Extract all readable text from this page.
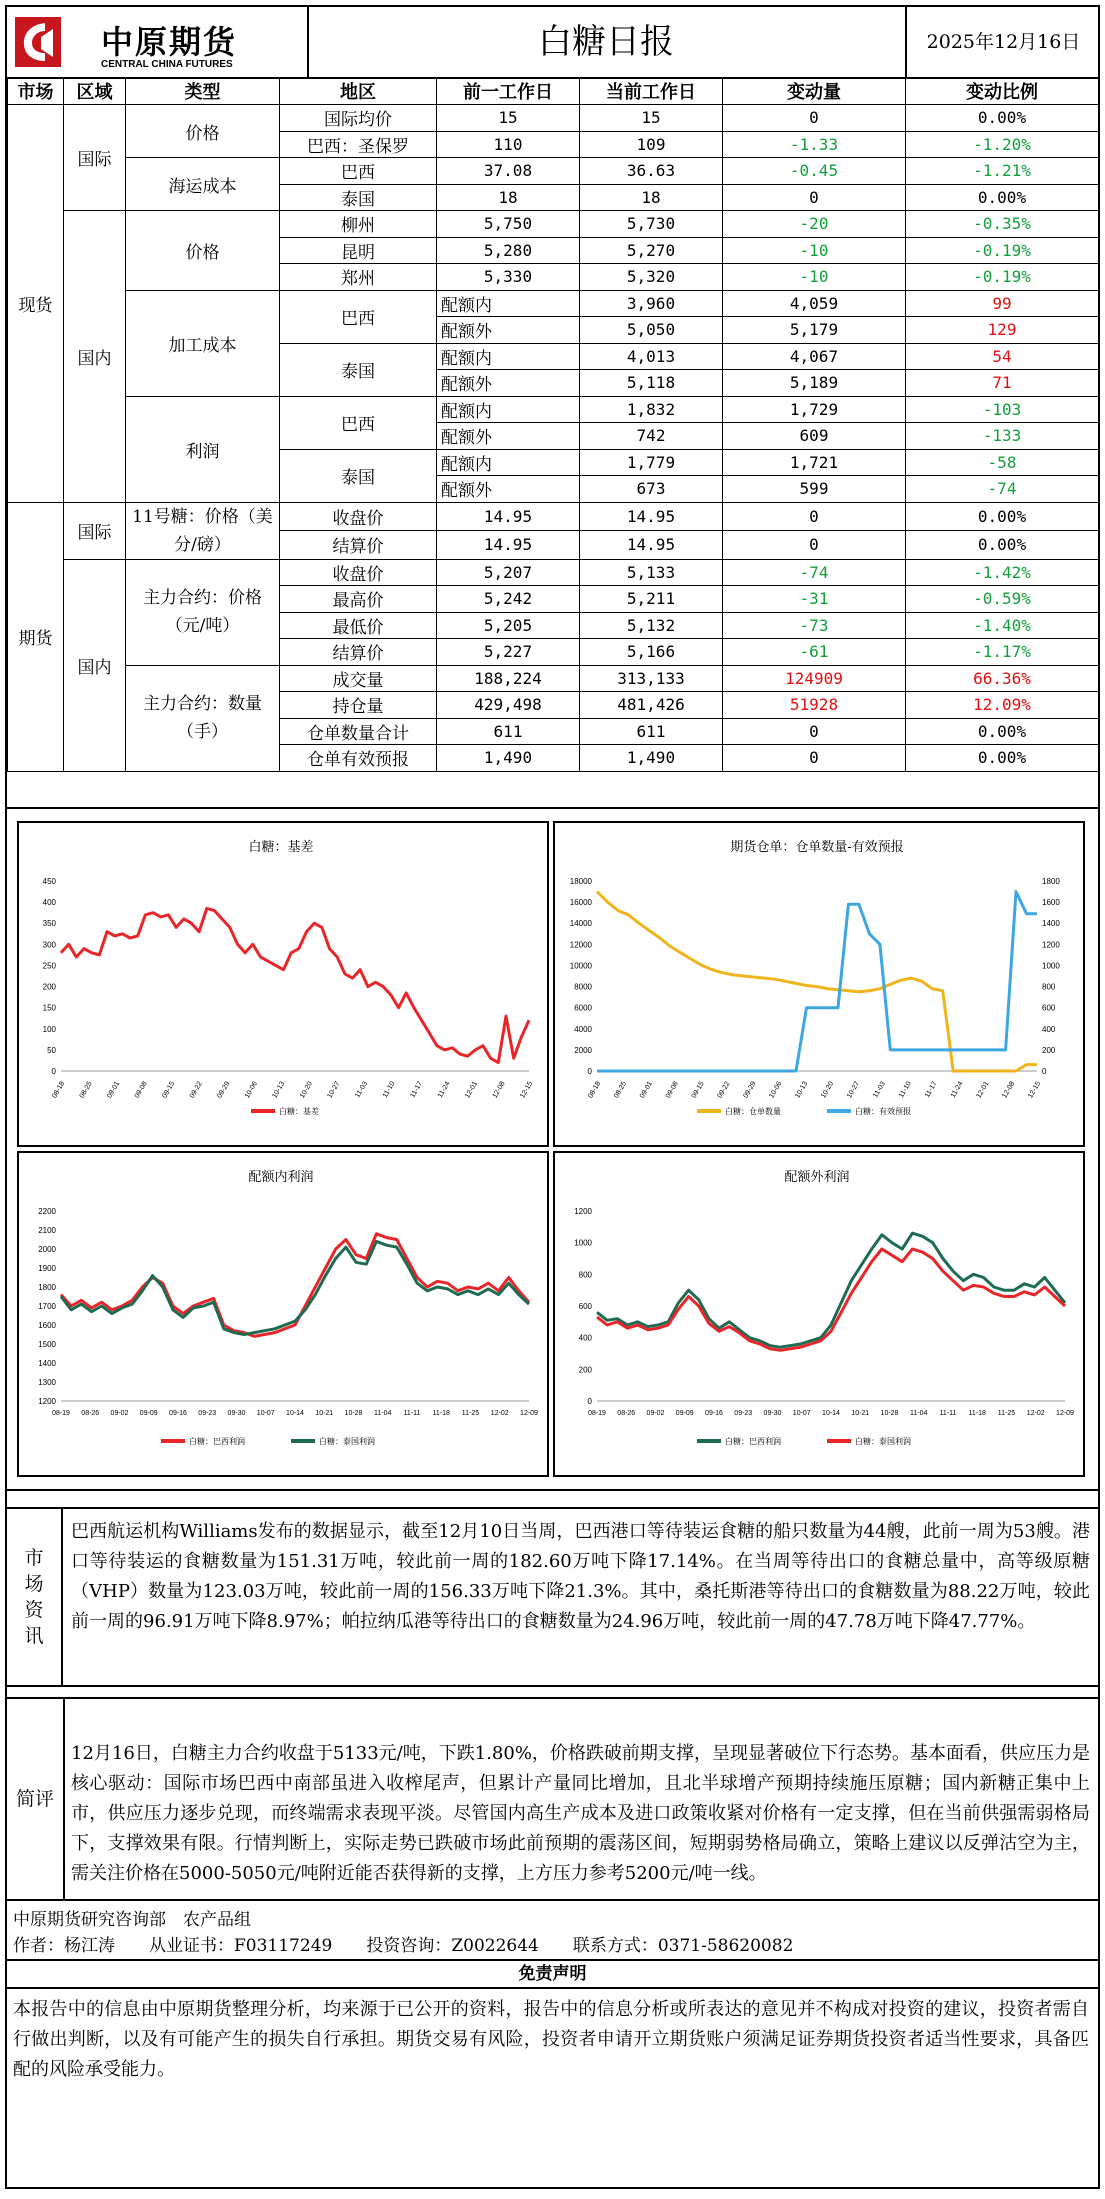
中原期货
CENTRAL CHINA FUTURES
白糖日报	2025年12月16日
市场	区域	类型	地区	前一工作日	当前工作日	变动量	变动比例	
现货	国际	价格	国际均价	15	15	0	0.00%	
			巴西：圣保罗	110	109	-1.33	-1.20%	
		海运成本	巴西	37.08	36.63	-0.45	-1.21%	
			泰国	18	18	0	0.00%	
	国内	价格	柳州	5,750	5,730	-20	-0.35%	
			昆明	5,280	5,270	-10	-0.19%	
			郑州	5,330	5,320	-10	-0.19%	
		加工成本	巴西	配额内	3,960	4,059	99	
				配额外	5,050	5,179	129	
			泰国	配额内	4,013	4,067	54	
				配额外	5,118	5,189	71	
		利润	巴西	配额内	1,832	1,729	-103	
				配额外	742	609	-133	
			泰国	配额内	1,779	1,721	-58	
				配额外	673	599	-74	
期货	国际	11号糖：价格（美分/磅）	收盘价	14.95	14.95	0	0.00%	
			结算价	14.95	14.95	0	0.00%	
	国内	主力合约：价格（元/吨）	收盘价	5,207	5,133	-74	-1.42%	
			最高价	5,242	5,211	-31	-0.59%	
			最低价	5,205	5,132	-73	-1.40%	
			结算价	5,227	5,166	-61	-1.17%	
		主力合约：数量（手）	成交量	188,224	313,133	124909	66.36%	
			持仓量	429,498	481,426	51928	12.09%	
			仓单数量合计	611	611	0	0.00%	
			仓单有效预报	1,490	1,490	0	0.00%	
白糖：基差
0
50
100
150
200
250
300
350
400
450
08-18 08-25 09-01 09-08 09-15 09-22 09-29 10-06 10-13 10-20 10-27 11-03 11-10 11-17 11-24 12-01 12-08 12-15
白糖：基差
期货仓单：仓单数量-有效预报
0
2000
4000
6000
8000
10000
12000
14000
16000
18000
0
200
400
600
800
1000
1200
1400
1600
1800
08-18 08-25 09-01 09-08 09-15 09-22 09-29 10-06 10-13 10-20 10-27 11-03 11-10 11-17 11-24 12-01 12-08 12-15
白糖：仓单数量	白糖：有效预报
配额内利润
1200
1300
1400
1500
1600
1700
1800
1900
2000
2100
2200
08-19 08-26 09-02 09-09 09-16 09-23 09-30 10-07 10-14 10-21 10-28 11-04 11-11 11-18 11-25 12-02 12-09
白糖：巴西利润	白糖：泰国利润
配额外利润
0
200
400
600
800
1000
1200
08-19 08-26 09-02 09-09 09-16 09-23 09-30 10-07 10-14 10-21 10-28 11-04 11-11 11-18 11-25 12-02 12-09
白糖：巴西利润	白糖：泰国利润
市场资讯
巴西航运机构Williams发布的数据显示，截至12月10日当周，巴西港口等待装运食糖的船只数量为44艘，此前一周为53艘。港口等待装运的食糖数量为151.31万吨，较此前一周的182.60万吨下降17.14%。在当周等待出口的食糖总量中，高等级原糖（VHP）数量为123.03万吨，较此前一周的156.33万吨下降21.3%。其中，桑托斯港等待出口的食糖数量为88.22万吨，较此前一周的96.91万吨下降8.97%；帕拉纳瓜港等待出口的食糖数量为24.96万吨，较此前一周的47.78万吨下降47.77%。
简评
12月16日，白糖主力合约收盘于5133元/吨，下跌1.80%，价格跌破前期支撑，呈现显著破位下行态势。基本面看，供应压力是核心驱动：国际市场巴西中南部虽进入收榨尾声，但累计产量同比增加，且北半球增产预期持续施压原糖；国内新糖正集中上市，供应压力逐步兑现，而终端需求表现平淡。尽管国内高生产成本及进口政策收紧对价格有一定支撑，但在当前供强需弱格局下，支撑效果有限。行情判断上，实际走势已跌破市场此前预期的震荡区间，短期弱势格局确立，策略上建议以反弹沽空为主，需关注价格在5000-5050元/吨附近能否获得新的支撑，上方压力参考5200元/吨一线。
中原期货研究咨询部　农产品组
作者：杨江涛　　从业证书：F03117249　　投资咨询：Z0022644　　联系方式：0371-58620082
免责声明
本报告中的信息由中原期货整理分析，均来源于已公开的资料，报告中的信息分析或所表达的意见并不构成对投资的建议，投资者需自行做出判断，以及有可能产生的损失自行承担。期货交易有风险，投资者申请开立期货账户须满足证券期货投资者适当性要求，具备匹配的风险承受能力。
